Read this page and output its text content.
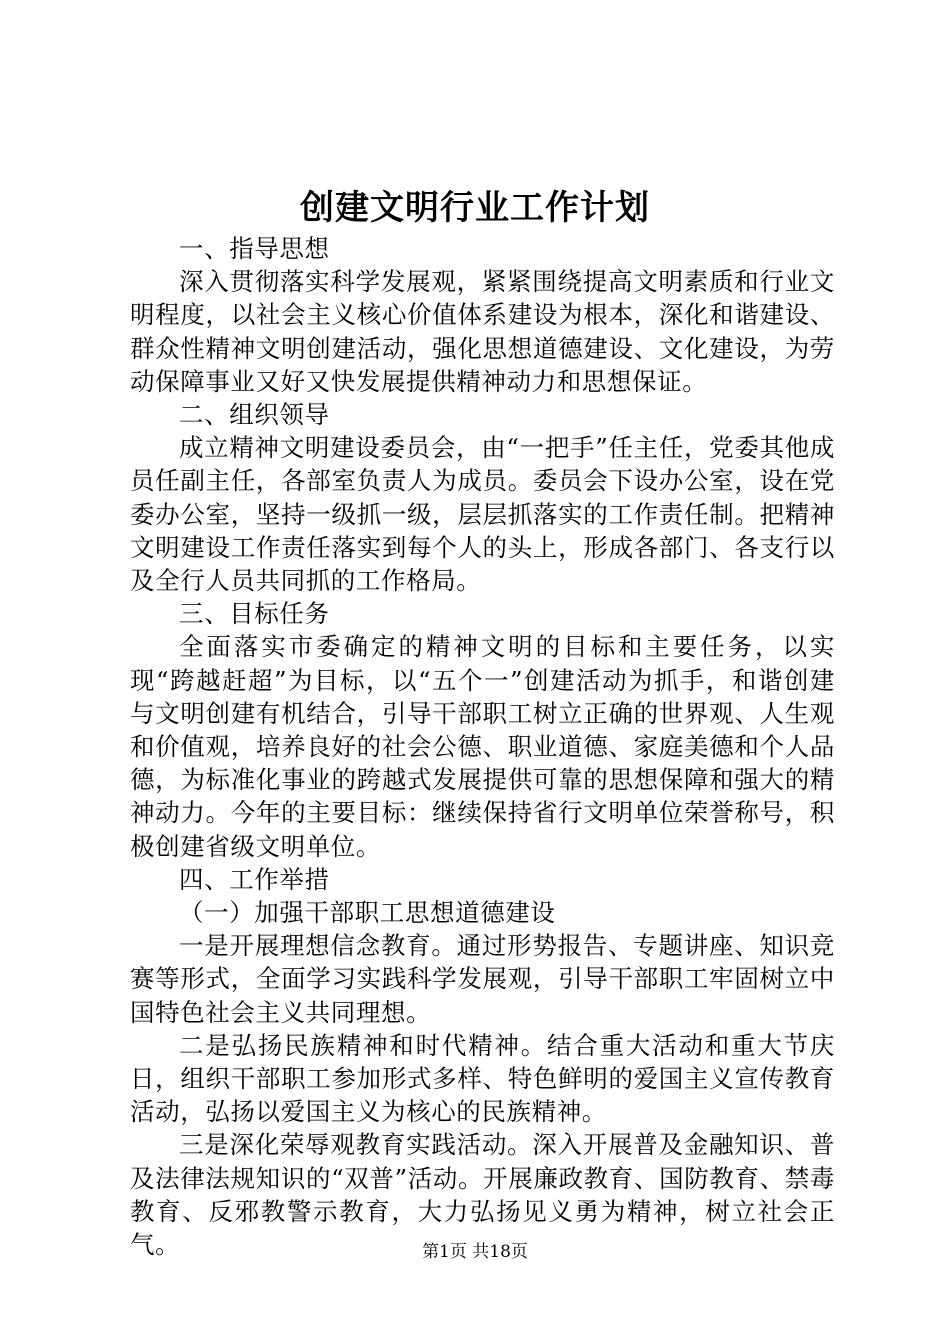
创建文明行业工作计划

一、指导思想

深入贯彻落实科学发展观，紧紧围绕提高文明素质和行业文明程度，以社会主义核心价值体系建设为根本，深化和谐建设、群众性精神文明创建活动，强化思想道德建设、文化建设，为劳动保障事业又好又快发展提供精神动力和思想保证。

二、组织领导

成立精神文明建设委员会，由“一把手”任主任，党委其他成员任副主任，各部室负责人为成员。委员会下设办公室，设在党委办公室，坚持一级抓一级，层层抓落实的工作责任制。把精神文明建设工作责任落实到每个人的头上，形成各部门、各支行以及全行人员共同抓的工作格局。

三、目标任务

全面落实市委确定的精神文明的目标和主要任务，以实现“跨越赶超”为目标，以“五个一”创建活动为抓手，和谐创建与文明创建有机结合，引导干部职工树立正确的世界观、人生观和价值观，培养良好的社会公德、职业道德、家庭美德和个人品德，为标准化事业的跨越式发展提供可靠的思想保障和强大的精神动力。今年的主要目标：继续保持省行文明单位荣誉称号，积极创建省级文明单位。

四、工作举措

（一）加强干部职工思想道德建设

一是开展理想信念教育。通过形势报告、专题讲座、知识竞赛等形式，全面学习实践科学发展观，引导干部职工牢固树立中国特色社会主义共同理想。

二是弘扬民族精神和时代精神。结合重大活动和重大节庆日，组织干部职工参加形式多样、特色鲜明的爱国主义宣传教育活动，弘扬以爱国主义为核心的民族精神。

三是深化荣辱观教育实践活动。深入开展普及金融知识、普及法律法规知识的“双普”活动。开展廉政教育、国防教育、禁毒教育、反邪教警示教育，大力弘扬见义勇为精神，树立社会正气。	第1页 共18页
